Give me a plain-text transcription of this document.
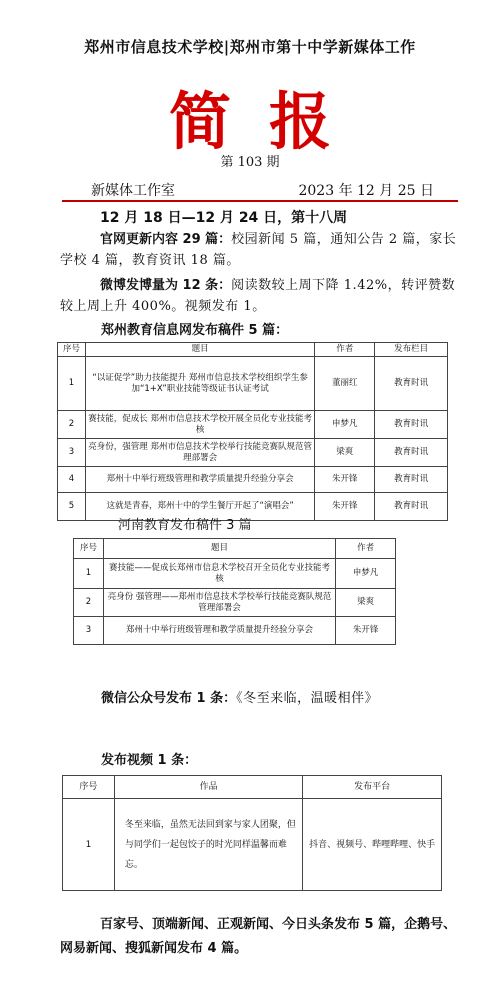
郑州市信息技术学校|郑州市第十中学新媒体工作
简报
第 103 期
新媒体工作室	2023 年 12 月 25 日
12 月 18 日—12 月 24 日，第十八周
官网更新内容 29 篇：校园新闻 5 篇，通知公告 2 篇，家长学校 4 篇，教育资讯 18 篇。
微博发博量为 12 条：阅读数较上周下降 1.42%，转评赞数较上周上升 400%。视频发布 1。
郑州教育信息网发布稿件 5 篇：
序号	题目	作者	发布栏目
1	“以证促学”助力技能提升 郑州市信息技术学校组织学生参加“1+X”职业技能等级证书认证考试	董丽红	教育时讯
2	赛技能，促成长 郑州市信息技术学校开展全员化专业技能考核	申梦凡	教育时讯
3	亮身份，强管理 郑州市信息技术学校举行技能竞赛队规范管理部署会	梁爽	教育时讯
4	郑州十中举行班级管理和教学质量提升经验分享会	朱开锋	教育时讯
5	这就是青春，郑州十中的学生餐厅开起了“演唱会”	朱开锋	教育时讯
河南教育发布稿件 3 篇
序号	题目	作者
1	赛技能——促成长郑州市信息术学校召开全员化专业技能考核	申梦凡
2	亮身份 强管理——郑州市信息技术学校举行技能竞赛队规范管理部署会	梁爽
3	郑州十中举行班级管理和教学质量提升经验分享会	朱开锋
微信公众号发布 1 条：《冬至来临，温暖相伴》
发布视频 1 条：
序号	作品	发布平台
1	冬至来临，虽然无法回到家与家人团聚，但与同学们一起包饺子的时光同样温馨而难忘。	抖音、视频号、哔哩哔哩、快手
百家号、顶端新闻、正观新闻、今日头条发布 5 篇，企鹅号、网易新闻、搜狐新闻发布 4 篇。
